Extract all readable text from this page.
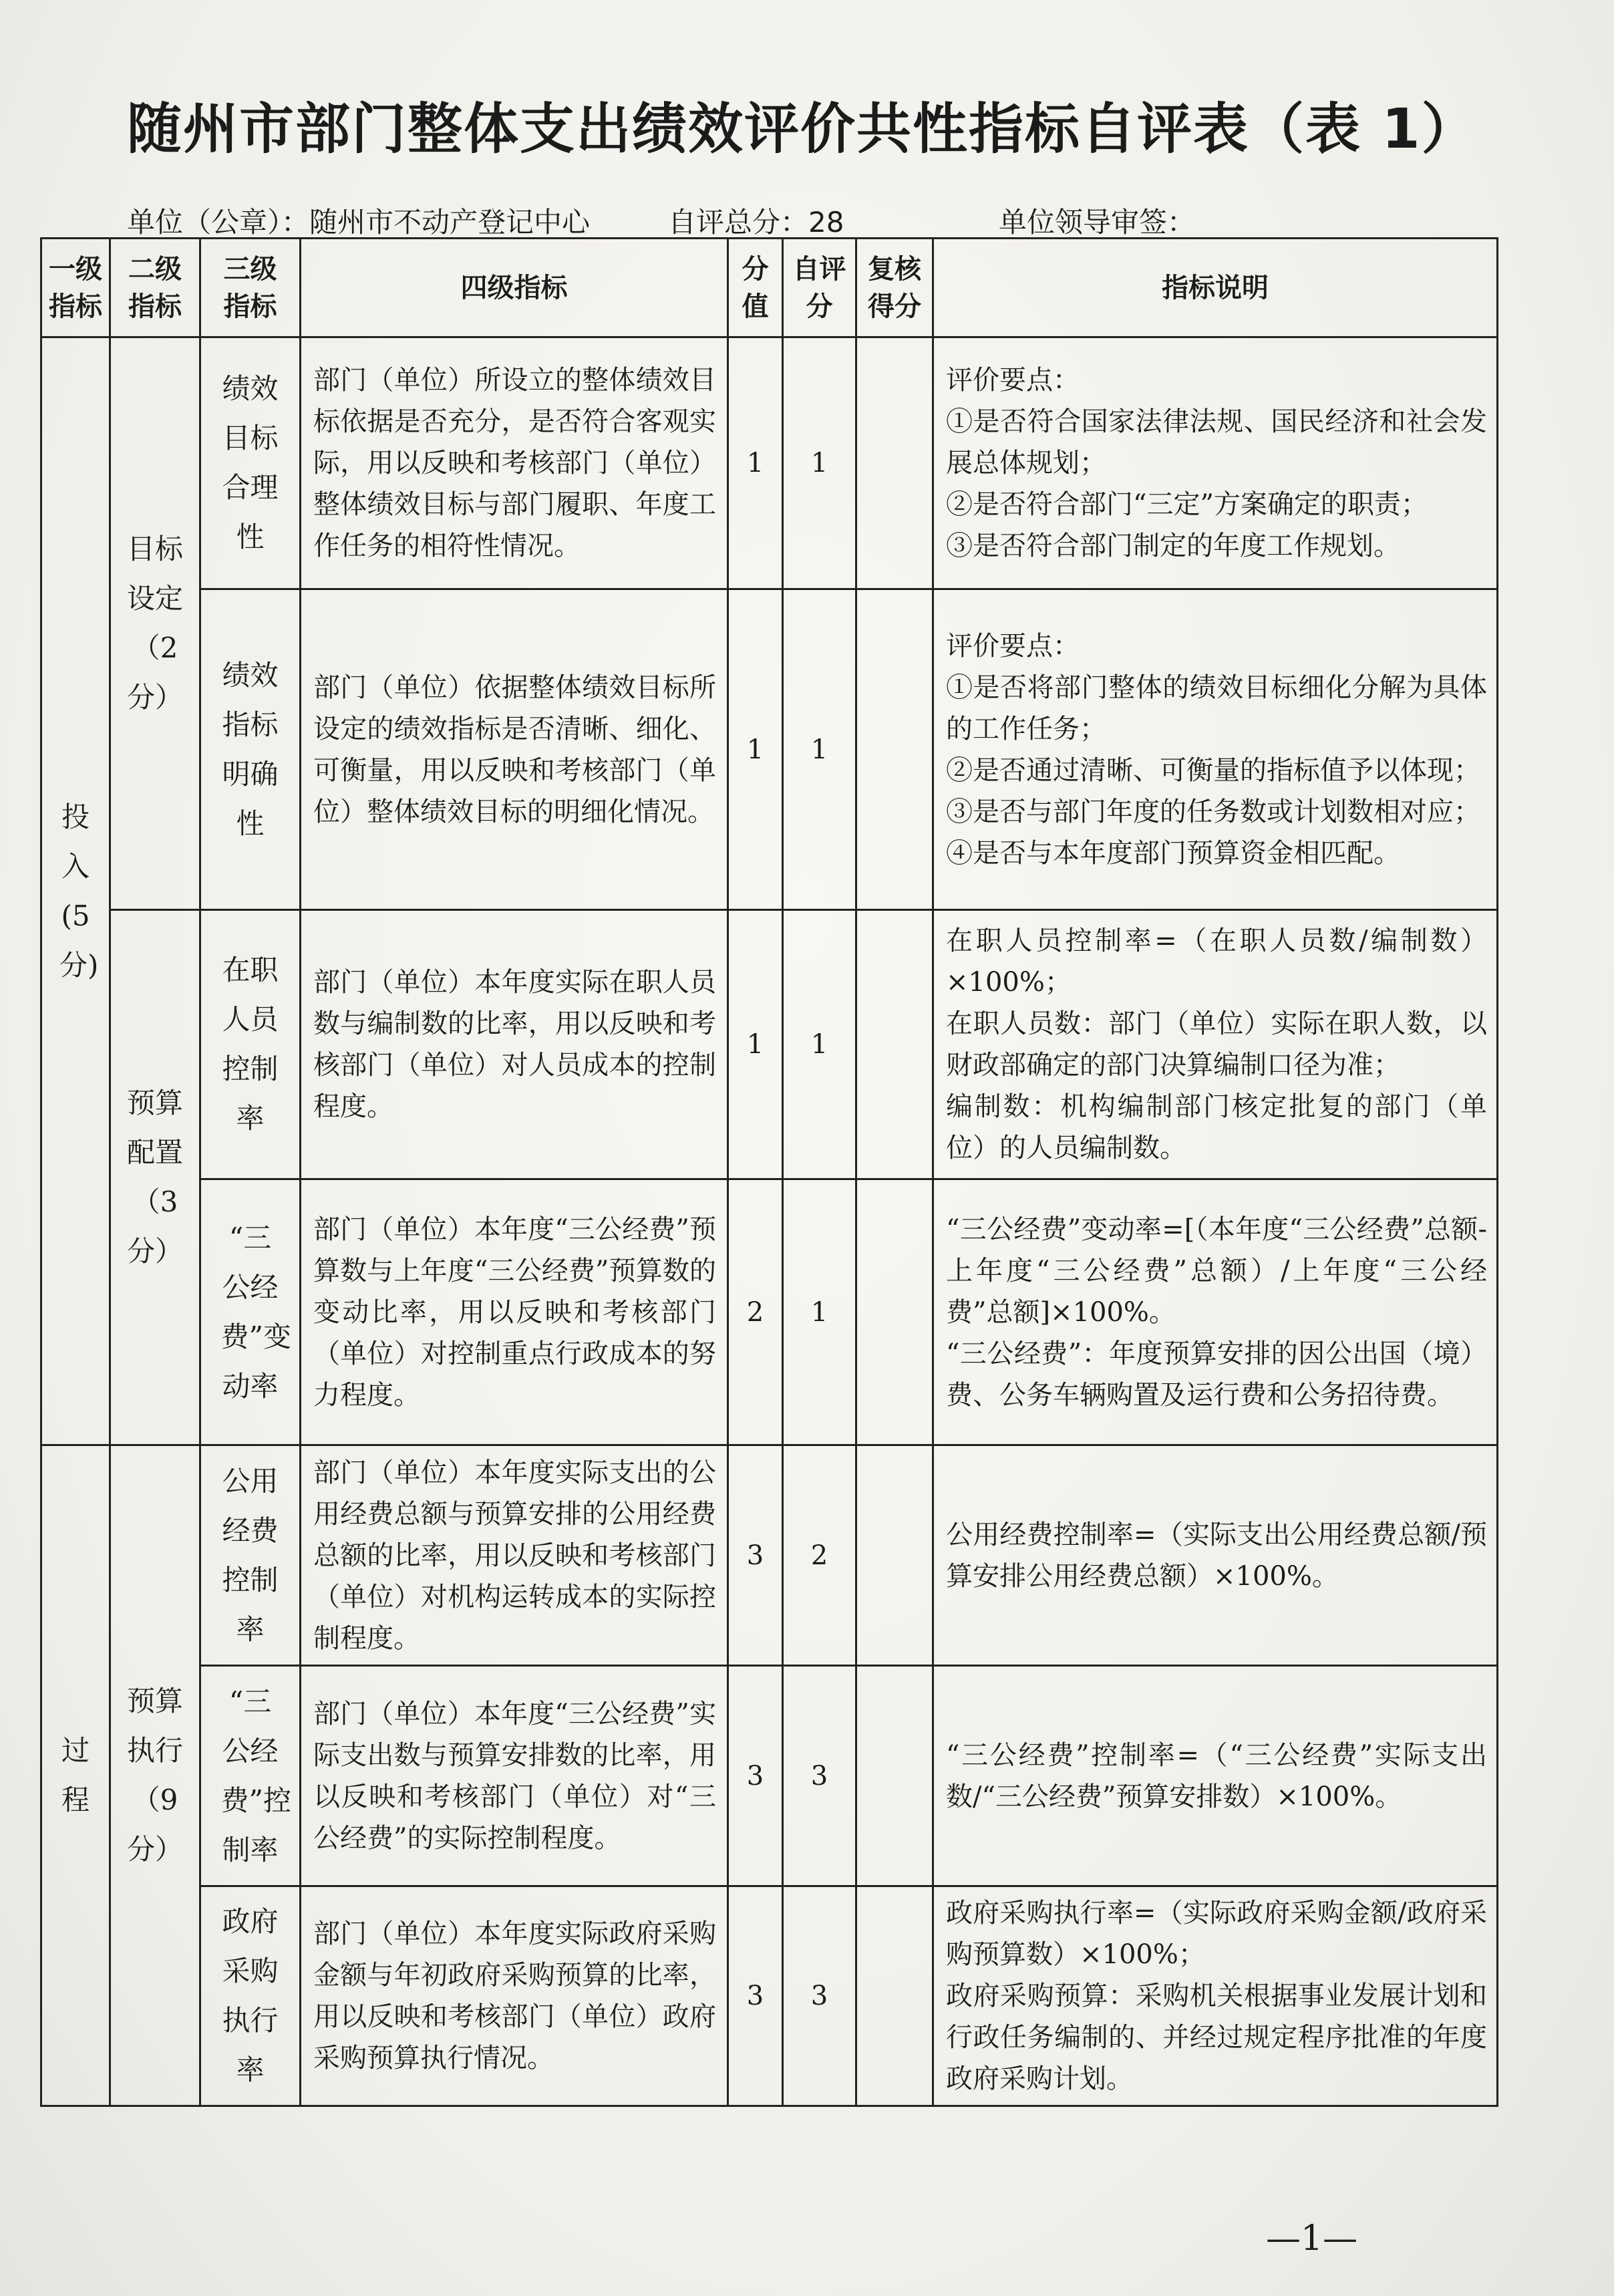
随州市部门整体支出绩效评价共性指标自评表（表 1）
单位（公章）：随州市不动产登记中心	自评总分：28	单位领导审签：
一级指标	二级指标	三级指标	四级指标	分值	自评分	复核得分	指标说明
投入(5分)	目标设定（2分）	绩效目标合理性	部门（单位）所设立的整体绩效目标依据是否充分，是否符合客观实际，用以反映和考核部门（单位）整体绩效目标与部门履职、年度工作任务的相符性情况。	1	1		评价要点：
①是否符合国家法律法规、国民经济和社会发展总体规划；
②是否符合部门“三定”方案确定的职责；
③是否符合部门制定的年度工作规划。

		绩效指标明确性	部门（单位）依据整体绩效目标所设定的绩效指标是否清晰、细化、可衡量，用以反映和考核部门（单位）整体绩效目标的明细化情况。	1	1		评价要点：
①是否将部门整体的绩效目标细化分解为具体的工作任务；
②是否通过清晰、可衡量的指标值予以体现；
③是否与部门年度的任务数或计划数相对应；
④是否与本年度部门预算资金相匹配。

	预算配置（3分）	在职人员控制率	部门（单位）本年度实际在职人员数与编制数的比率，用以反映和考核部门（单位）对人员成本的控制程度。	1	1		在职人员控制率=（在职人员数/编制数）×100%；
在职人员数：部门（单位）实际在职人数，以财政部确定的部门决算编制口径为准；
编制数：机构编制部门核定批复的部门（单位）的人员编制数。

		“三公经费”变动率	部门（单位）本年度“三公经费”预算数与上年度“三公经费”预算数的变动比率，用以反映和考核部门（单位）对控制重点行政成本的努力程度。	2	1		“三公经费”变动率=[（本年度“三公经费”总额-上年度“三公经费”总额）/上年度“三公经费”总额]×100%。
“三公经费”：年度预算安排的因公出国（境）费、公务车辆购置及运行费和公务招待费。

过程	预算执行（9分）	公用经费控制率	部门（单位）本年度实际支出的公用经费总额与预算安排的公用经费总额的比率，用以反映和考核部门（单位）对机构运转成本的实际控制程度。	3	2		公用经费控制率=（实际支出公用经费总额/预算安排公用经费总额）×100%。

		“三公经费”控制率	部门（单位）本年度“三公经费”实际支出数与预算安排数的比率，用以反映和考核部门（单位）对“三公经费”的实际控制程度。	3	3		“三公经费”控制率=（“三公经费”实际支出数/“三公经费”预算安排数）×100%。

		政府采购执行率	部门（单位）本年度实际政府采购金额与年初政府采购预算的比率，用以反映和考核部门（单位）政府采购预算执行情况。	3	3		政府采购执行率=（实际政府采购金额/政府采购预算数）×100%；
政府采购预算：采购机关根据事业发展计划和行政任务编制的、并经过规定程序批准的年度政府采购计划。
—1—
